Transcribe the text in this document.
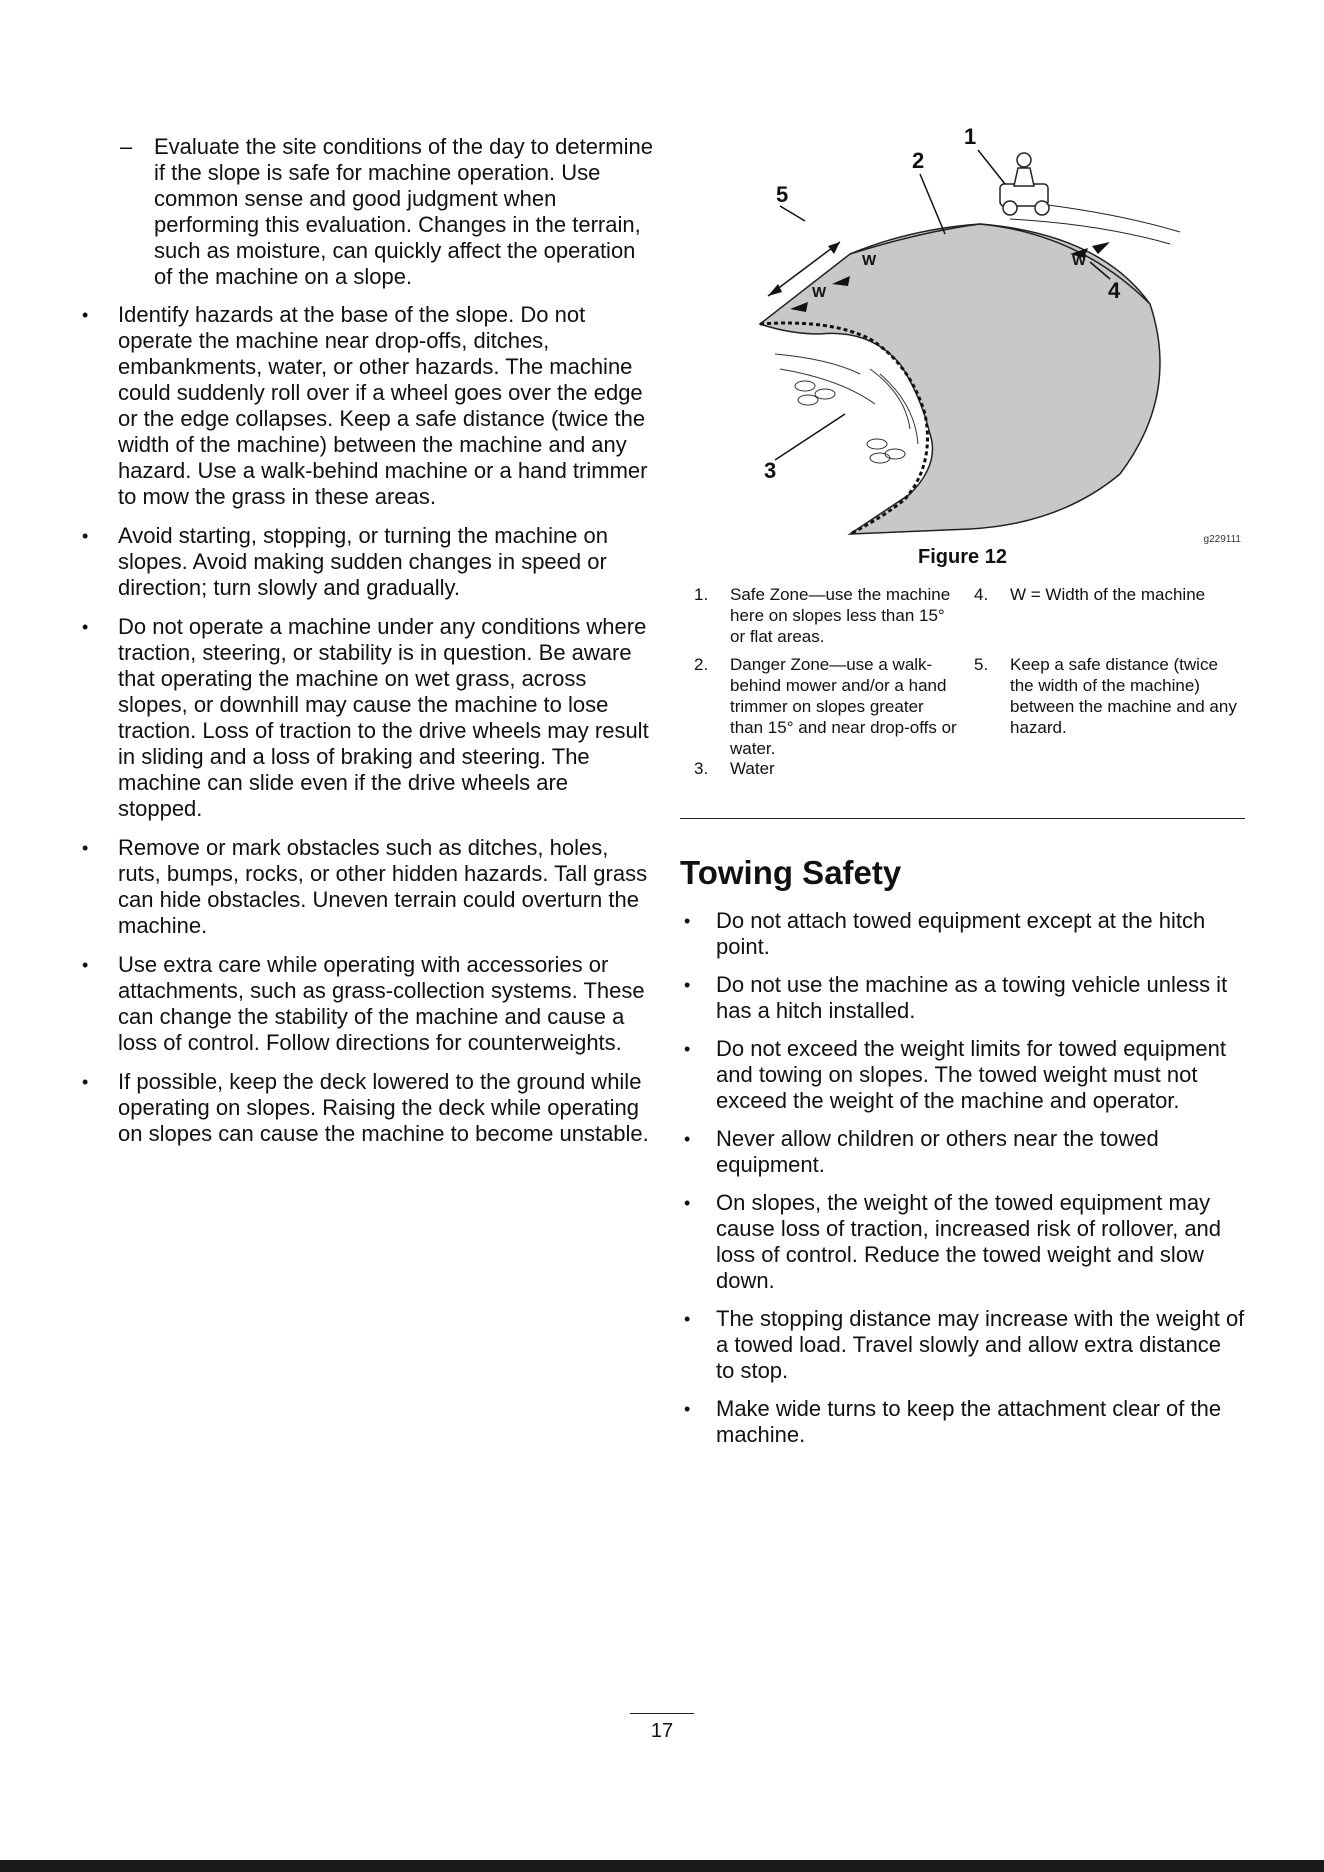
– Evaluate the site conditions of the day to determine if the slope is safe for machine operation. Use common sense and good judgment when performing this evaluation. Changes in the terrain, such as moisture, can quickly affect the operation of the machine on a slope.
• Identify hazards at the base of the slope. Do not operate the machine near drop-offs, ditches, embankments, water, or other hazards. The machine could suddenly roll over if a wheel goes over the edge or the edge collapses. Keep a safe distance (twice the width of the machine) between the machine and any hazard. Use a walk-behind machine or a hand trimmer to mow the grass in these areas.
• Avoid starting, stopping, or turning the machine on slopes. Avoid making sudden changes in speed or direction; turn slowly and gradually.
• Do not operate a machine under any conditions where traction, steering, or stability is in question. Be aware that operating the machine on wet grass, across slopes, or downhill may cause the machine to lose traction. Loss of traction to the drive wheels may result in sliding and a loss of braking and steering. The machine can slide even if the drive wheels are stopped.
• Remove or mark obstacles such as ditches, holes, ruts, bumps, rocks, or other hidden hazards. Tall grass can hide obstacles. Uneven terrain could overturn the machine.
• Use extra care while operating with accessories or attachments, such as grass-collection systems. These can change the stability of the machine and cause a loss of control. Follow directions for counterweights.
• If possible, keep the deck lowered to the ground while operating on slopes. Raising the deck while operating on slopes can cause the machine to become unstable.
1
2
3
4
5
W
W	W
g229111
Figure 12
1. Safe Zone—use the machine here on slopes less than 15° or flat areas.
2. Danger Zone—use a walk-behind mower and/or a hand trimmer on slopes greater than 15° and near drop-offs or water.
3. Water
4. W = Width of the machine
5. Keep a safe distance (twice the width of the machine) between the machine and any hazard.
Towing Safety
• Do not attach towed equipment except at the hitch point.
• Do not use the machine as a towing vehicle unless it has a hitch installed.
• Do not exceed the weight limits for towed equipment and towing on slopes. The towed weight must not exceed the weight of the machine and operator.
• Never allow children or others near the towed equipment.
• On slopes, the weight of the towed equipment may cause loss of traction, increased risk of rollover, and loss of control. Reduce the towed weight and slow down.
• The stopping distance may increase with the weight of a towed load. Travel slowly and allow extra distance to stop.
• Make wide turns to keep the attachment clear of the machine.
17
